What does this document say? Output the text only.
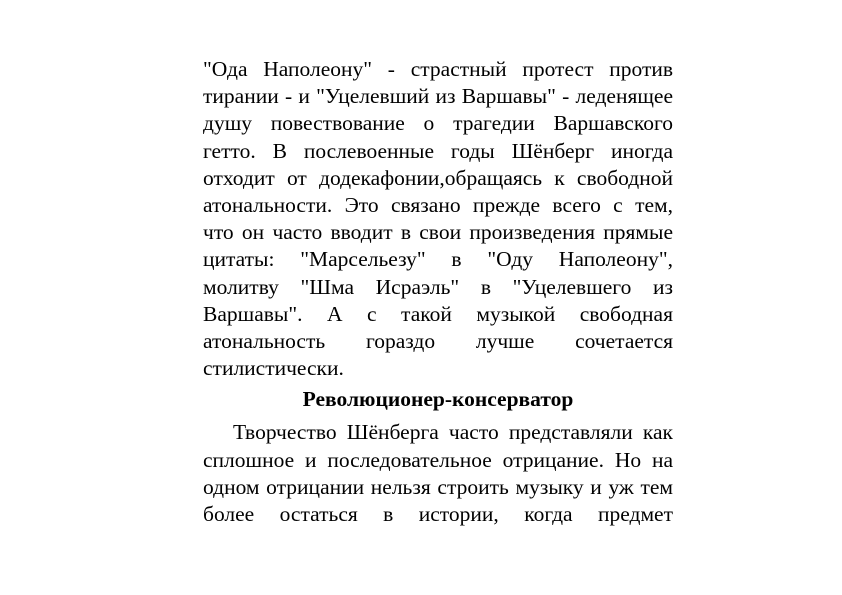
"Ода Наполеону" - страстный протест против
тирании - и "Уцелевший из Варшавы" - леденящее
душу повествование о трагедии Варшавского
гетто. В послевоенные годы Шёнберг иногда
отходит от додекафонии,обращаясь к свободной
атональности. Это связано прежде всего с тем,
что он часто вводит в свои произведения прямые
цитаты: "Марсельезу" в "Оду Наполеону",
молитву "Шма Исраэль" в "Уцелевшего из
Варшавы". А с такой музыкой свободная
атональность гораздо лучше сочетается
стилистически.
Революционер-консерватор
Творчество Шёнберга часто представляли как
сплошное и последовательное отрицание. Но на
одном отрицании нельзя строить музыку и уж тем
более остаться в истории, когда предмет
